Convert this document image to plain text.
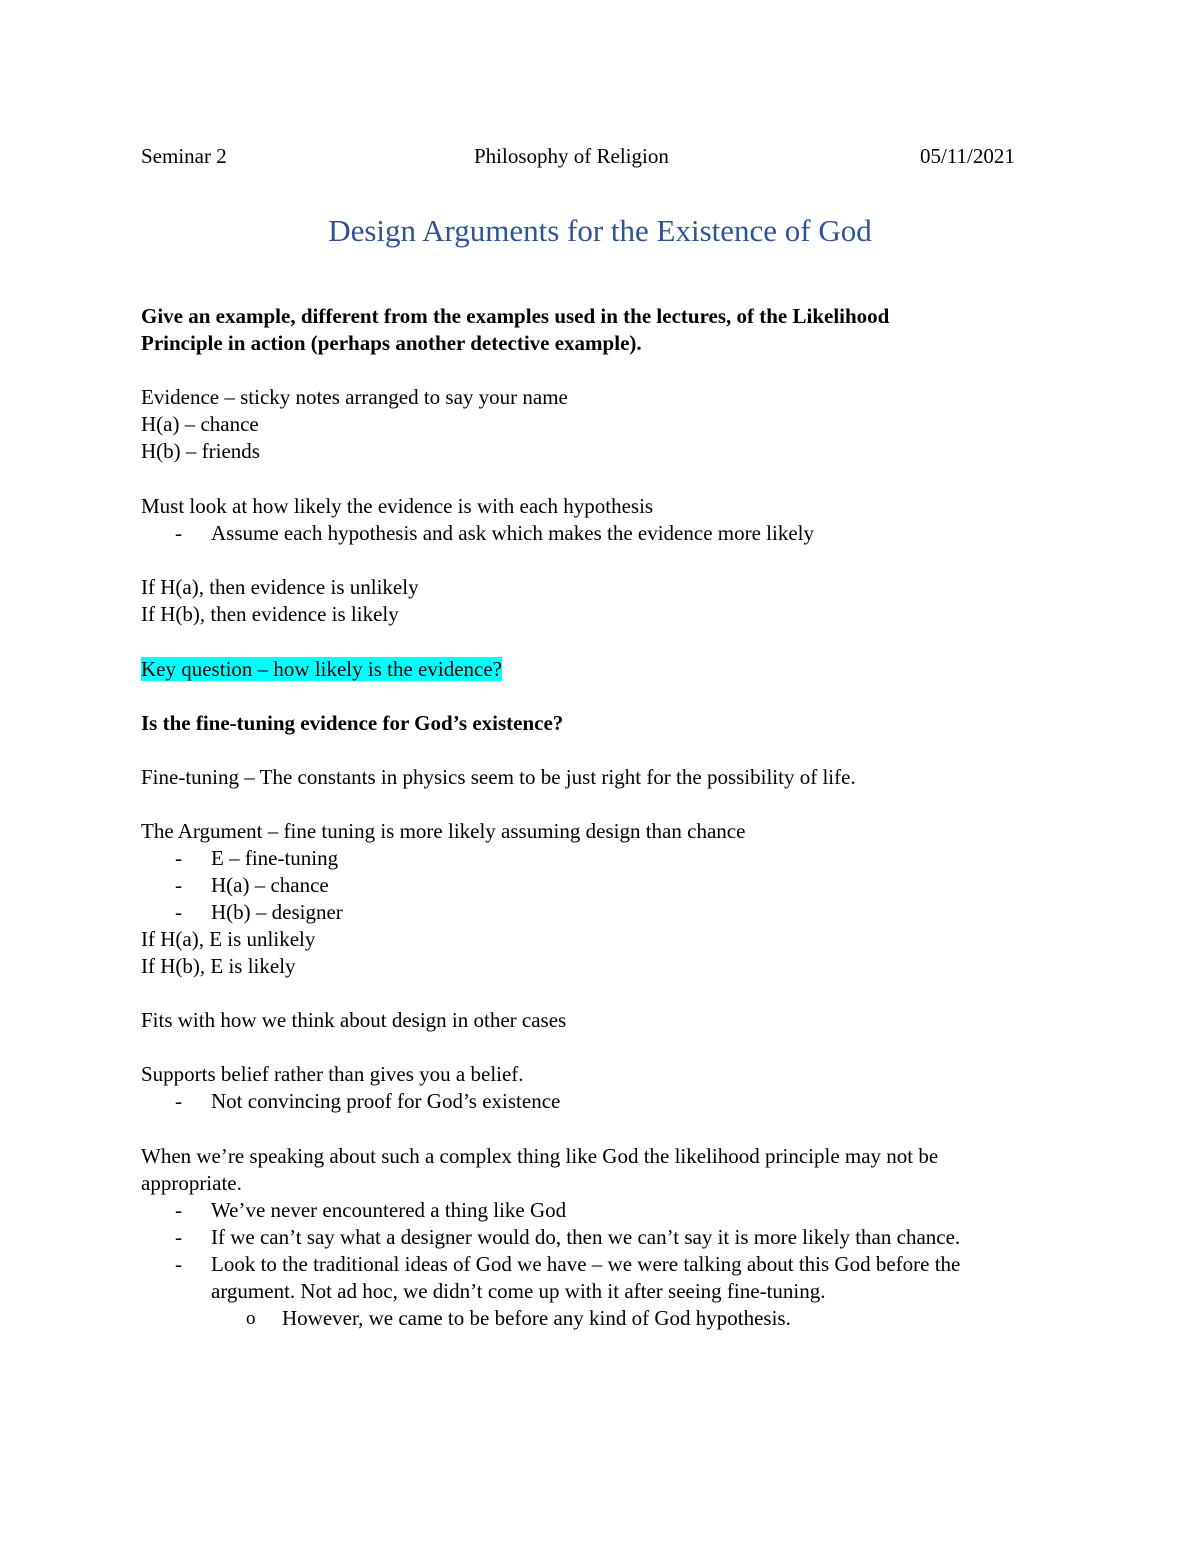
Seminar 2	Philosophy of Religion	05/11/2021
Design Arguments for the Existence of God
Give an example, different from the examples used in the lectures, of the Likelihood
Principle in action (perhaps another detective example).
Evidence – sticky notes arranged to say your name
H(a) – chance
H(b) – friends
Must look at how likely the evidence is with each hypothesis
- Assume each hypothesis and ask which makes the evidence more likely
If H(a), then evidence is unlikely
If H(b), then evidence is likely
Key question – how likely is the evidence?
Is the fine-tuning evidence for God’s existence?
Fine-tuning – The constants in physics seem to be just right for the possibility of life.
The Argument – fine tuning is more likely assuming design than chance
- E – fine-tuning
- H(a) – chance
- H(b) – designer
If H(a), E is unlikely
If H(b), E is likely
Fits with how we think about design in other cases
Supports belief rather than gives you a belief.
- Not convincing proof for God’s existence
When we’re speaking about such a complex thing like God the likelihood principle may not be
appropriate.
- We’ve never encountered a thing like God
- If we can’t say what a designer would do, then we can’t say it is more likely than chance.
- Look to the traditional ideas of God we have – we were talking about this God before the
argument. Not ad hoc, we didn’t come up with it after seeing fine-tuning.
o However, we came to be before any kind of God hypothesis.
